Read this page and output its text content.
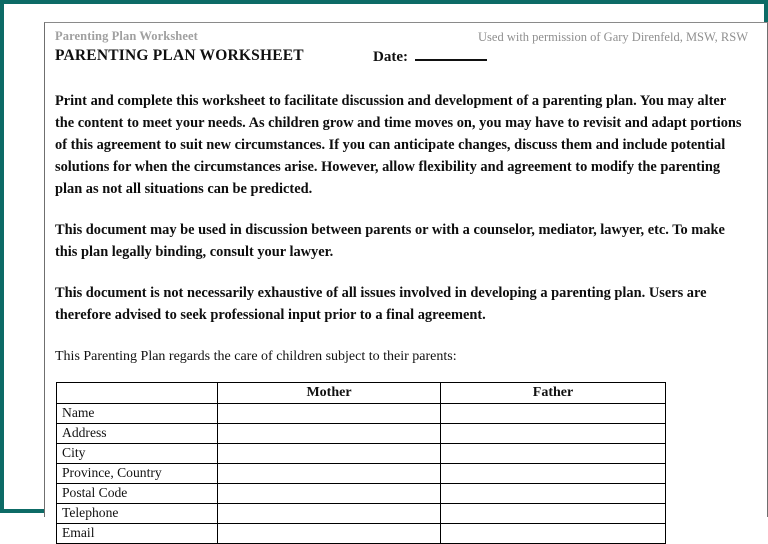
Parenting Plan Worksheet	Used with permission of Gary Direnfeld, MSW, RSW
PARENTING PLAN WORKSHEET	Date:

Print and complete this worksheet to facilitate discussion and development of a parenting plan. You may alter the content to meet your needs. As children grow and time moves on, you may have to revisit and adapt portions of this agreement to suit new circumstances. If you can anticipate changes, discuss them and include potential solutions for when the circumstances arise. However, allow flexibility and agreement to modify the parenting plan as not all situations can be predicted.

This document may be used in discussion between parents or with a counselor, mediator, lawyer, etc. To make this plan legally binding, consult your lawyer.

This document is not necessarily exhaustive of all issues involved in developing a parenting plan. Users are therefore advised to seek professional input prior to a final agreement.

This Parenting Plan regards the care of children subject to their parents:

	Mother	Father
Name		
Address		
City		
Province, Country		
Postal Code		
Telephone		
Email		
